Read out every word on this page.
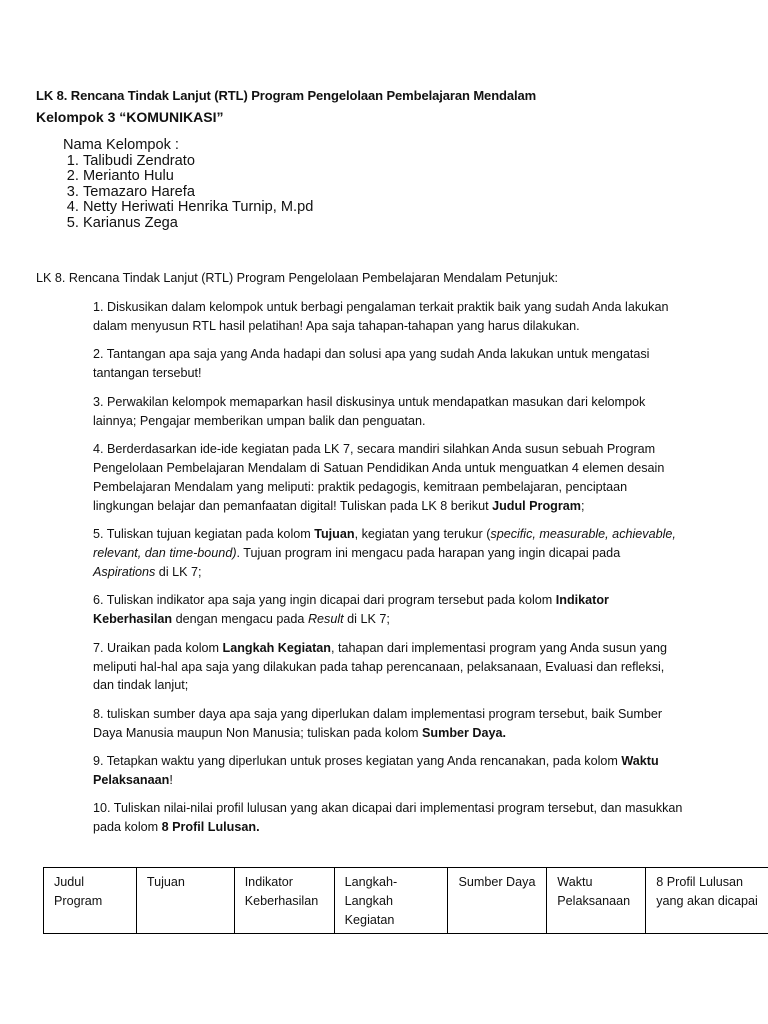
LK 8. Rencana Tindak Lanjut (RTL) Program Pengelolaan Pembelajaran Mendalam
Kelompok 3 “KOMUNIKASI”
Nama Kelompok :
1. Talibudi Zendrato
2. Merianto Hulu
3. Temazaro Harefa
4. Netty Heriwati Henrika Turnip, M.pd
5. Karianus Zega
LK 8. Rencana Tindak Lanjut (RTL) Program Pengelolaan Pembelajaran Mendalam Petunjuk:

1. Diskusikan dalam kelompok untuk berbagi pengalaman terkait praktik baik yang sudah Anda lakukan dalam menyusun RTL hasil pelatihan! Apa saja tahapan-tahapan yang harus dilakukan.

2. Tantangan apa saja yang Anda hadapi dan solusi apa yang sudah Anda lakukan untuk mengatasi tantangan tersebut!

3. Perwakilan kelompok memaparkan hasil diskusinya untuk mendapatkan masukan dari kelompok lainnya; Pengajar memberikan umpan balik dan penguatan.

4. Berderdasarkan ide-ide kegiatan pada LK 7, secara mandiri silahkan Anda susun sebuah Program Pengelolaan Pembelajaran Mendalam di Satuan Pendidikan Anda untuk menguatkan 4 elemen desain Pembelajaran Mendalam yang meliputi: praktik pedagogis, kemitraan pembelajaran, penciptaan lingkungan belajar dan pemanfaatan digital! Tuliskan pada LK 8 berikut Judul Program;

5. Tuliskan tujuan kegiatan pada kolom Tujuan, kegiatan yang terukur (specific, measurable, achievable, relevant, dan time-bound). Tujuan program ini mengacu pada harapan yang ingin dicapai pada Aspirations di LK 7;

6. Tuliskan indikator apa saja yang ingin dicapai dari program tersebut pada kolom Indikator Keberhasilan dengan mengacu pada Result di LK 7;

7. Uraikan pada kolom Langkah Kegiatan, tahapan dari implementasi program yang Anda susun yang meliputi hal-hal apa saja yang dilakukan pada tahap perencanaan, pelaksanaan, Evaluasi dan refleksi, dan tindak lanjut;

8. tuliskan sumber daya apa saja yang diperlukan dalam implementasi program tersebut, baik Sumber Daya Manusia maupun Non Manusia; tuliskan pada kolom Sumber Daya.

9. Tetapkan waktu yang diperlukan untuk proses kegiatan yang Anda rencanakan, pada kolom Waktu Pelaksanaan!

10. Tuliskan nilai-nilai profil lulusan yang akan dicapai dari implementasi program tersebut, dan masukkan pada kolom 8 Profil Lulusan.

Judul Program	Tujuan	Indikator Keberhasilan	Langkah-Langkah Kegiatan	Sumber Daya	Waktu Pelaksanaan	8 Profil Lulusan yang akan dicapai
